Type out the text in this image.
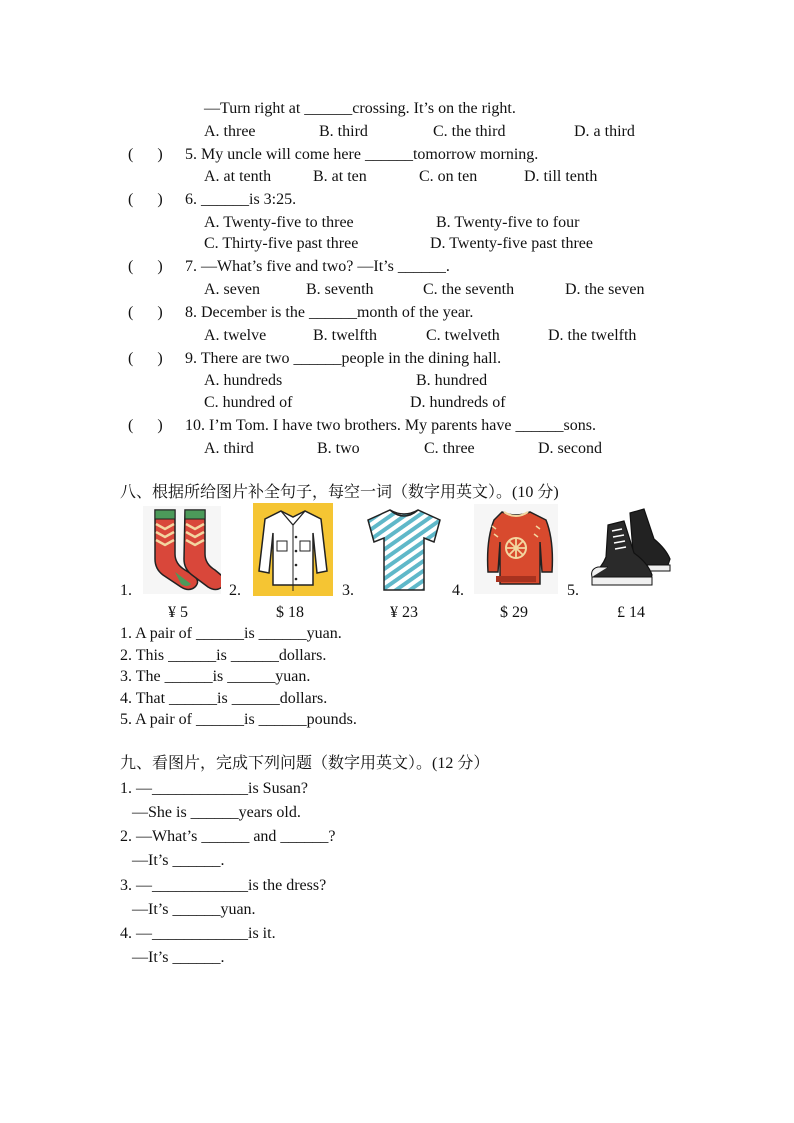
—Turn right at ______crossing. It’s on the right.
A. three	B. third	C. the third	D. a third
(      ) 5. My uncle will come here ______tomorrow morning.
A. at tenth	B. at ten	C. on ten	D. till tenth
(      ) 6. ______is 3:25.
A. Twenty-five to three	B. Twenty-five to four
C. Thirty-five past three	D. Twenty-five past three
(      ) 7. —What’s five and two? —It’s ______.
A. seven	B. seventh	C. the seventh	D. the seven
(      ) 8. December is the ______month of the year.
A. twelve	B. twelfth	C. twelveth	D. the twelfth
(      ) 9. There are two ______people in the dining hall.
A. hundreds	B. hundred
C. hundred of	D. hundreds of
(      ) 10. I’m Tom. I have two brothers. My parents have ______sons.
A. third	B. two	C. three	D. second
八、根据所给图片补全句子，每空一词（数字用英文）。(10 分)
1.
¥ 5
2.
$ 18
3.
¥ 23
4.
$ 29
5.
£ 14
1. A pair of ______is ______yuan.
2. This ______is ______dollars.
3. The ______is ______yuan.
4. That ______is ______dollars.
5. A pair of ______is ______pounds.
九、看图片，完成下列问题（数字用英文）。(12 分）
1. —____________is Susan?
—She is ______years old.
2. —What’s ______ and ______?
—It’s ______.
3. —____________is the dress?
—It’s ______yuan.
4. —____________is it.
—It’s ______.
